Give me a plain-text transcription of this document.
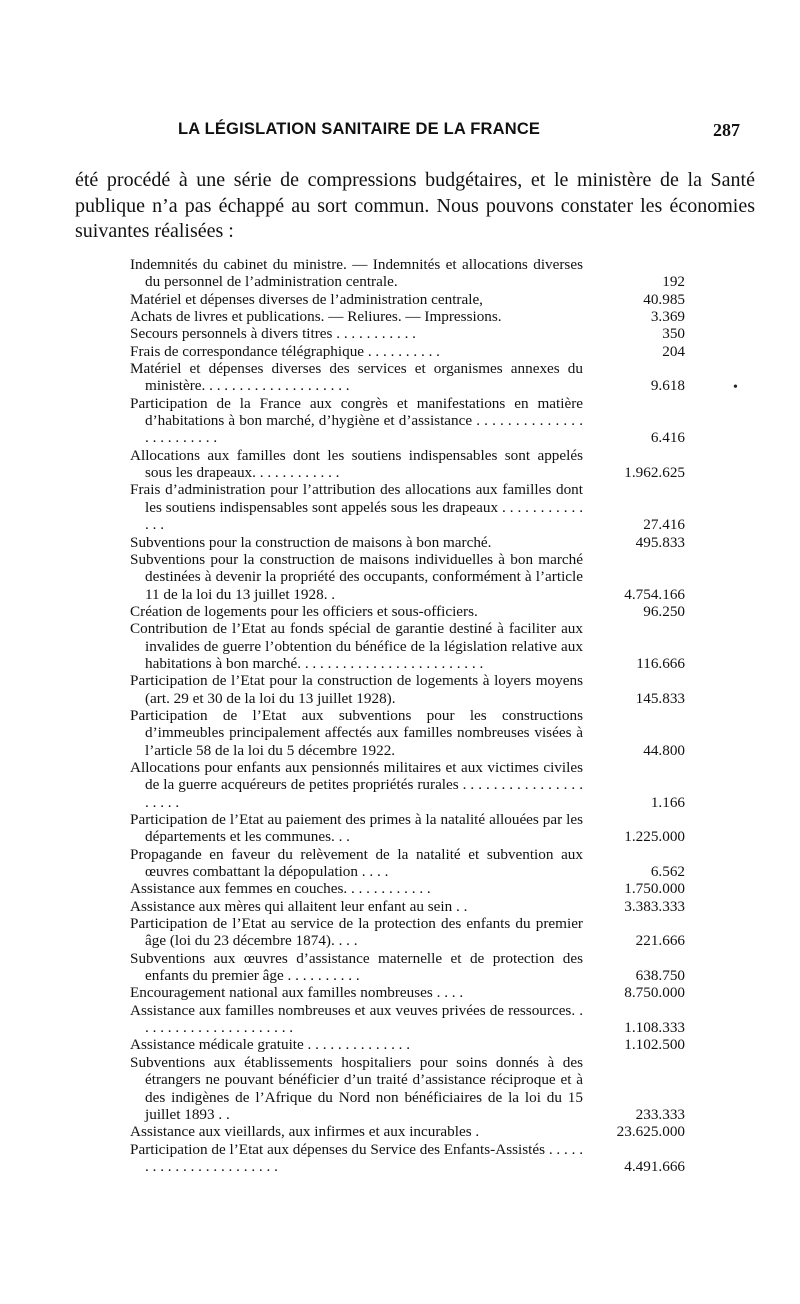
LA LÉGISLATION SANITAIRE DE LA FRANCE	287
été procédé à une série de compressions budgétaires, et le ministère de la Santé publique n’a pas échappé au sort commun. Nous pouvons constater les économies suivantes réalisées :
Indemnités du cabinet du ministre. — Indemnités et allocations diverses du personnel de l’administration centrale.	192
Matériel et dépenses diverses de l’administration centrale,	40.985
Achats de livres et publications. — Reliures. — Impressions.	3.369
Secours personnels à divers titres . . . . . . . . . . .	350
Frais de correspondance télégraphique . . . . . . . . . .	204
Matériel et dépenses diverses des services et organismes annexes du ministère. . . . . . . . . . . . . . . . . . . .	9.618
Participation de la France aux congrès et manifestations en matière d’habitations à bon marché, d’hygiène et d’assistance . . . . . . . . . . . . . . . . . . . . . . . .	6.416
Allocations aux familles dont les soutiens indispensables sont appelés sous les drapeaux. . . . . . . . . . . .	1.962.625
Frais d’administration pour l’attribution des allocations aux familles dont les soutiens indispensables sont appelés sous les drapeaux . . . . . . . . . . . . . .	27.416
Subventions pour la construction de maisons à bon marché.	495.833
Subventions pour la construction de maisons individuelles à bon marché destinées à devenir la propriété des occupants, conformément à l’article 11 de la loi du 13 juillet 1928. .	4.754.166
Création de logements pour les officiers et sous-officiers.	96.250
Contribution de l’Etat au fonds spécial de garantie destiné à faciliter aux invalides de guerre l’obtention du bénéfice de la législation relative aux habitations à bon marché. . . . . . . . . . . . . . . . . . . . . . . . .	116.666
Participation de l’Etat pour la construction de logements à loyers moyens (art. 29 et 30 de la loi du 13 juillet 1928).	145.833
Participation de l’Etat aux subventions pour les constructions d’immeubles principalement affectés aux familles nombreuses visées à l’article 58 de la loi du 5 décembre 1922.	44.800
Allocations pour enfants aux pensionnés militaires et aux victimes civiles de la guerre acquéreurs de petites propriétés rurales . . . . . . . . . . . . . . . . . . . . .	1.166
Participation de l’Etat au paiement des primes à la natalité allouées par les départements et les communes. . .	1.225.000
Propagande en faveur du relèvement de la natalité et subvention aux œuvres combattant la dépopulation . . . .	6.562
Assistance aux femmes en couches. . . . . . . . . . . .	1.750.000
Assistance aux mères qui allaitent leur enfant au sein . .	3.383.333
Participation de l’Etat au service de la protection des enfants du premier âge (loi du 23 décembre 1874). . . .	221.666
Subventions aux œuvres d’assistance maternelle et de protection des enfants du premier âge . . . . . . . . . .	638.750
Encouragement national aux familles nombreuses . . . .	8.750.000
Assistance aux familles nombreuses et aux veuves privées de ressources. . . . . . . . . . . . . . . . . . . . . .	1.108.333
Assistance médicale gratuite . . . . . . . . . . . . . .	1.102.500
Subventions aux établissements hospitaliers pour soins donnés à des étrangers ne pouvant bénéficier d’un traité d’assistance réciproque et à des indigènes de l’Afrique du Nord non bénéficiaires de la loi du 15 juillet 1893 . .	233.333
Assistance aux vieillards, aux infirmes et aux incurables .	23.625.000
Participation de l’Etat aux dépenses du Service des Enfants-Assistés . . . . . . . . . . . . . . . . . . . . . . .	4.491.666
•
